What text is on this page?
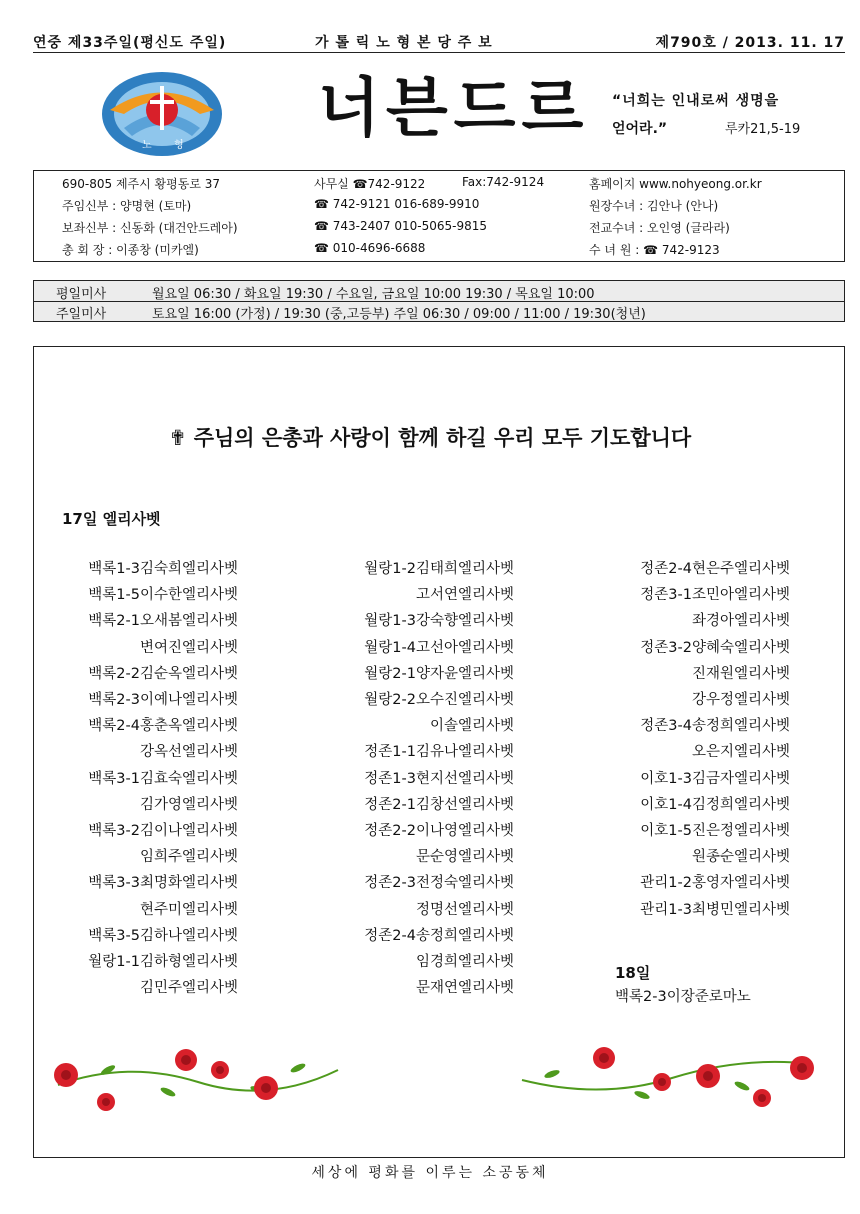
연중 제33주일(평신도 주일)	가 톨 릭 노 형 본 당 주 보	제790호 / 2013. 11. 17
노 형 너븐드르 “너희는 인내로써 생명을
얻어라.”	루카21,5-19
690-805 제주시 황평동로 37	사무실 ☎742-9122	Fax:742-9124	홈페이지 www.nohyeong.or.kr
주임신부 : 양명현 (토마)	☎ 742-9121 016-689-9910	원장수녀 : 김안나 (안나)
보좌신부 : 신동화 (대건안드레아)	☎ 743-2407 010-5065-9815	전교수녀 : 오인영 (글라라)
총 회 장 : 이종창 (미카엘)	☎ 010-4696-6688	수 녀 원 : ☎ 742-9123
평일미사	월요일 06:30 / 화요일 19:30 / 수요일, 금요일 10:00 19:30 / 목요일 10:00
주일미사	토요일 16:00 (가정) / 19:30 (중,고등부) 주일 06:30 / 09:00 / 11:00 / 19:30(청년)
✟ 주님의 은총과 사랑이 함께 하길 우리 모두 기도합니다
17일 엘리사벳
백록1-3김숙희엘리사벳
백록1-5이수한엘리사벳
백록2-1오새봄엘리사벳
변여진엘리사벳
백록2-2김순옥엘리사벳
백록2-3이예나엘리사벳
백록2-4홍춘옥엘리사벳
강옥선엘리사벳
백록3-1김효숙엘리사벳
김가영엘리사벳
백록3-2김이나엘리사벳
임희주엘리사벳
백록3-3최명화엘리사벳
현주미엘리사벳
백록3-5김하나엘리사벳
월랑1-1김하형엘리사벳
김민주엘리사벳
월랑1-2김태희엘리사벳
고서연엘리사벳
월랑1-3강숙향엘리사벳
월랑1-4고선아엘리사벳
월랑2-1양자윤엘리사벳
월랑2-2오수진엘리사벳
이솔엘리사벳
정존1-1김유나엘리사벳
정존1-3현지선엘리사벳
정존2-1김창선엘리사벳
정존2-2이나영엘리사벳
문순영엘리사벳
정존2-3전정숙엘리사벳
정명선엘리사벳
정존2-4송정희엘리사벳
임경희엘리사벳
문재연엘리사벳
정존2-4현은주엘리사벳
정존3-1조민아엘리사벳
좌경아엘리사벳
정존3-2양혜숙엘리사벳
진재원엘리사벳
강우정엘리사벳
정존3-4송정희엘리사벳
오은지엘리사벳
이호1-3김금자엘리사벳
이호1-4김정희엘리사벳
이호1-5진은정엘리사벳
원종순엘리사벳
관리1-2홍영자엘리사벳
관리1-3최병민엘리사벳
18일
백록2-3이장준로마노
세상에 평화를 이루는 소공동체
